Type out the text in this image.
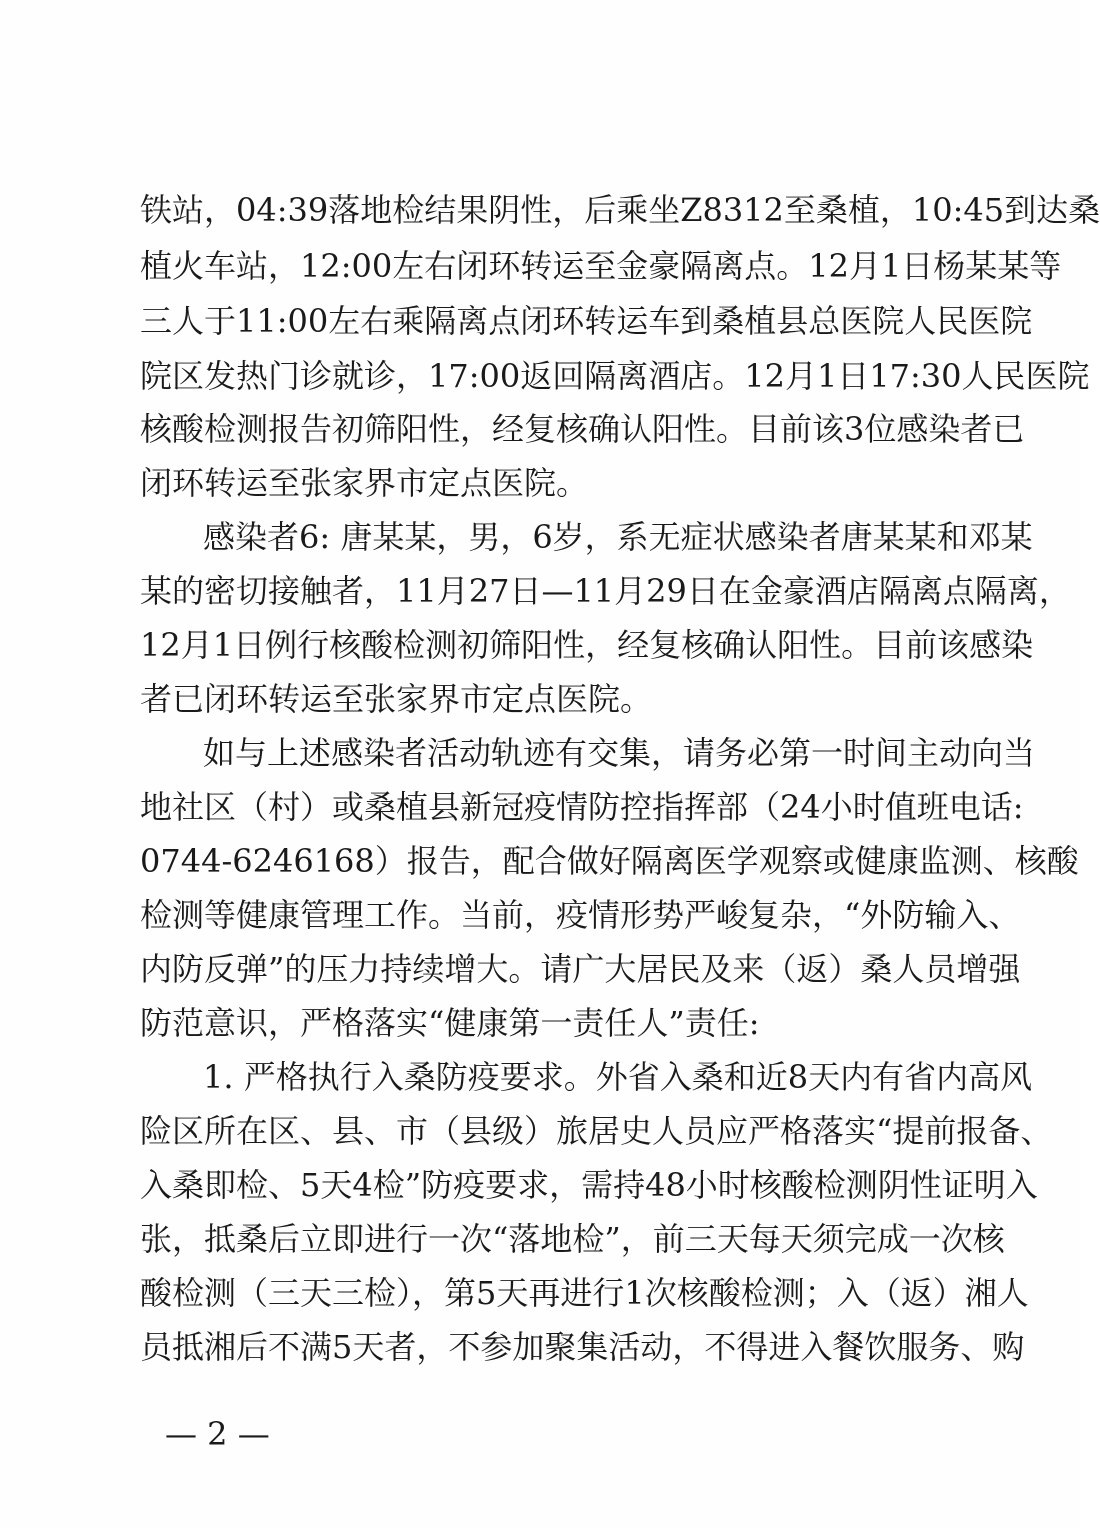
铁站，04:39落地检结果阴性，后乘坐Z8312至桑植，10:45到达桑
植火车站，12:00左右闭环转运至金豪隔离点。12月1日杨某某等
三人于11:00左右乘隔离点闭环转运车到桑植县总医院人民医院
院区发热门诊就诊，17:00返回隔离酒店。12月1日17:30人民医院
核酸检测报告初筛阳性，经复核确认阳性。目前该3位感染者已
闭环转运至张家界市定点医院。
感染者6: 唐某某，男，6岁，系无症状感染者唐某某和邓某
某的密切接触者，11月27日—11月29日在金豪酒店隔离点隔离，
12月1日例行核酸检测初筛阳性，经复核确认阳性。目前该感染
者已闭环转运至张家界市定点医院。
如与上述感染者活动轨迹有交集，请务必第一时间主动向当
地社区（村）或桑植县新冠疫情防控指挥部（24小时值班电话:
0744-6246168）报告，配合做好隔离医学观察或健康监测、核酸
检测等健康管理工作。当前，疫情形势严峻复杂，“外防输入、
内防反弹”的压力持续增大。请广大居民及来（返）桑人员增强
防范意识，严格落实“健康第一责任人”责任:
1. 严格执行入桑防疫要求。外省入桑和近8天内有省内高风
险区所在区、县、市（县级）旅居史人员应严格落实“提前报备、
入桑即检、5天4检”防疫要求，需持48小时核酸检测阴性证明入
张，抵桑后立即进行一次“落地检”，前三天每天须完成一次核
酸检测（三天三检），第5天再进行1次核酸检测；入（返）湘人
员抵湘后不满5天者，不参加聚集活动，不得进入餐饮服务、购
— 2 —
